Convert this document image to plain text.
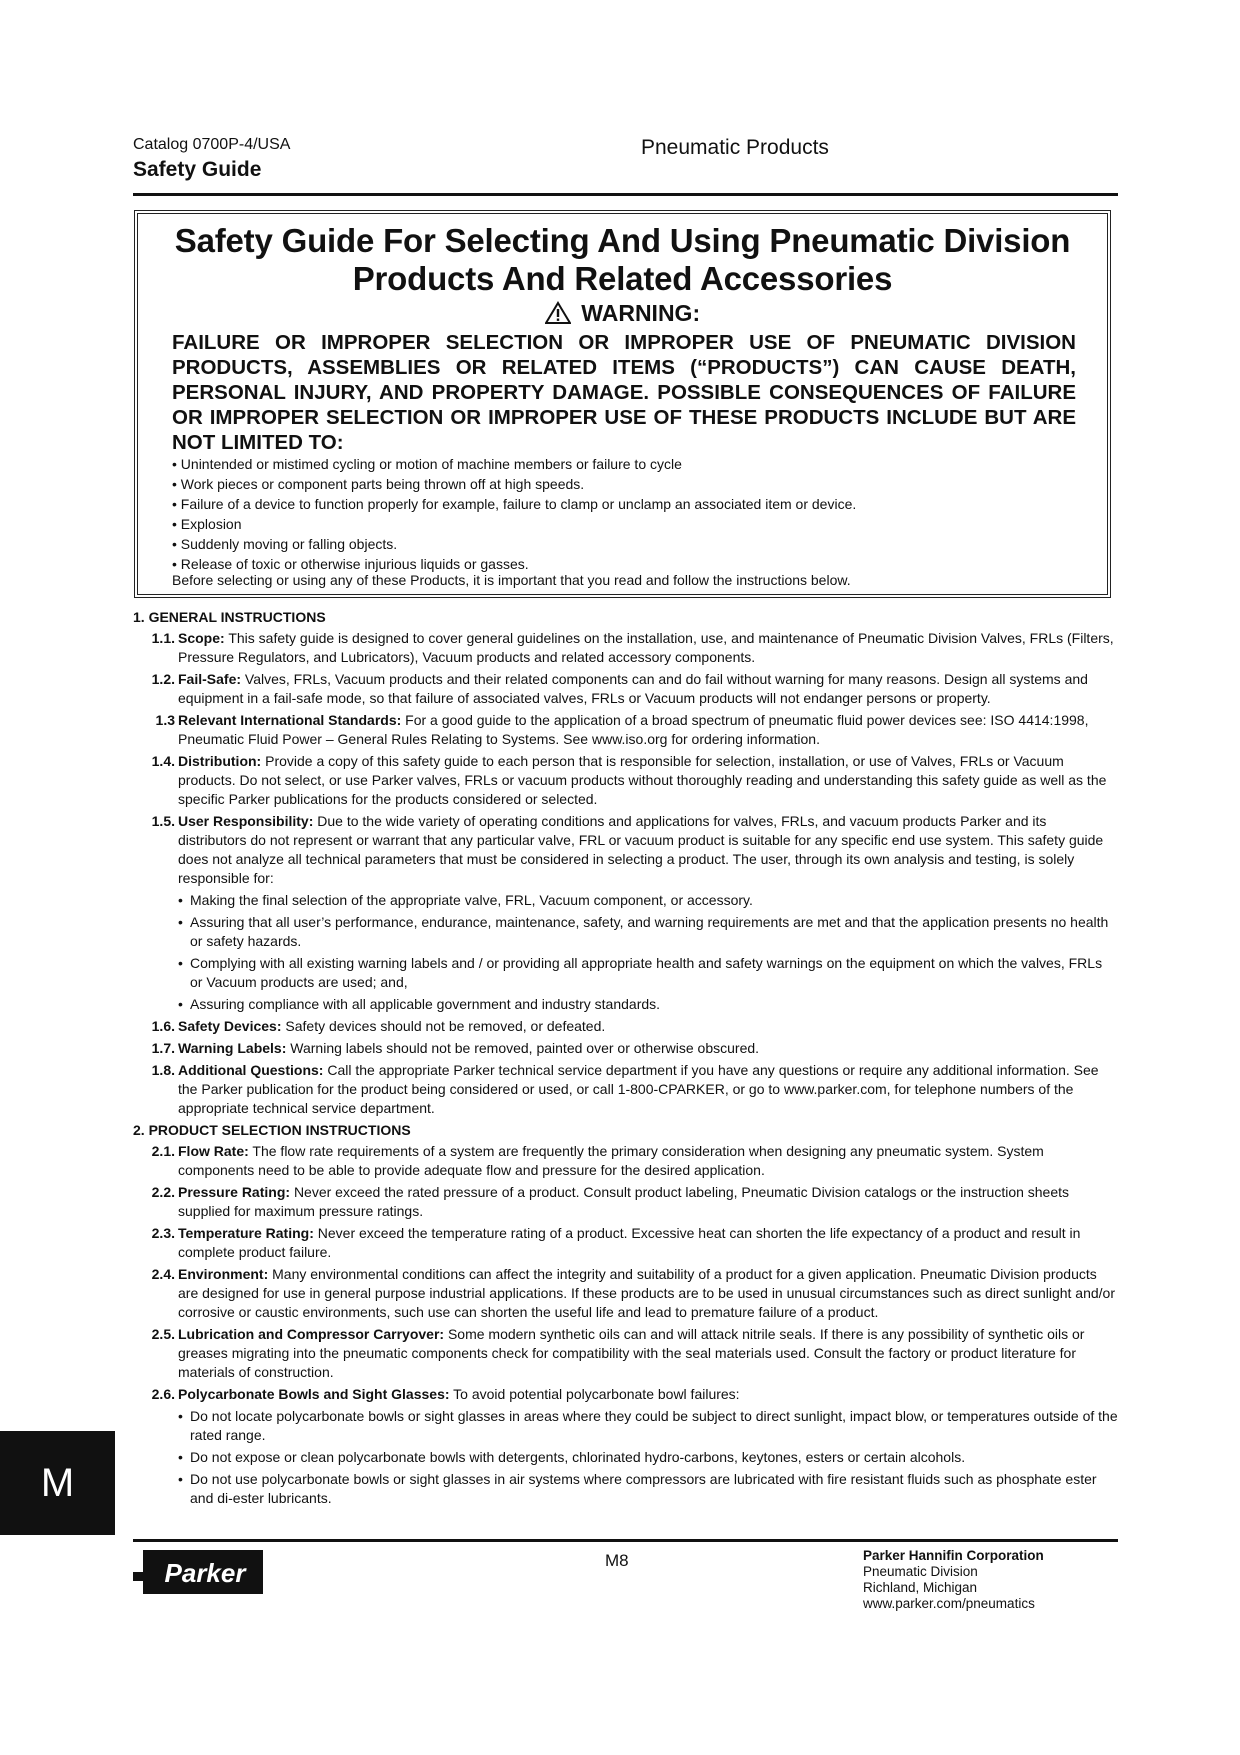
Catalog 0700P-4/USA
Safety Guide
Pneumatic Products
Safety Guide For Selecting And Using Pneumatic Division
Products And Related Accessories
WARNING:
FAILURE OR IMPROPER SELECTION OR IMPROPER USE OF PNEUMATIC DIVISION PRODUCTS, ASSEMBLIES OR RELATED ITEMS (“PRODUCTS”) CAN CAUSE DEATH, PERSONAL INJURY, AND PROPERTY DAMAGE. POSSIBLE CONSEQUENCES OF FAILURE OR IMPROPER SELECTION OR IMPROPER USE OF THESE PRODUCTS INCLUDE BUT ARE NOT LIMITED TO:
• Unintended or mistimed cycling or motion of machine members or failure to cycle
• Work pieces or component parts being thrown off at high speeds.
• Failure of a device to function properly for example, failure to clamp or unclamp an associated item or device.
• Explosion
• Suddenly moving or falling objects.
• Release of toxic or otherwise injurious liquids or gasses.
Before selecting or using any of these Products, it is important that you read and follow the instructions below.
1. GENERAL INSTRUCTIONS
1.1. Scope: This safety guide is designed to cover general guidelines on the installation, use, and maintenance of Pneumatic Division Valves, FRLs (Filters, Pressure Regulators, and Lubricators), Vacuum products and related accessory components.
1.2. Fail-Safe: Valves, FRLs, Vacuum products and their related components can and do fail without warning for many reasons. Design all systems and equipment in a fail-safe mode, so that failure of associated valves, FRLs or Vacuum products will not endanger persons or property.
1.3 Relevant International Standards: For a good guide to the application of a broad spectrum of pneumatic fluid power devices see: ISO 4414:1998, Pneumatic Fluid Power – General Rules Relating to Systems. See www.iso.org for ordering information.
1.4. Distribution: Provide a copy of this safety guide to each person that is responsible for selection, installation, or use of Valves, FRLs or Vacuum products. Do not select, or use Parker valves, FRLs or vacuum products without thoroughly reading and understanding this safety guide as well as the specific Parker publications for the products considered or selected.
1.5. User Responsibility: Due to the wide variety of operating conditions and applications for valves, FRLs, and vacuum products Parker and its distributors do not represent or warrant that any particular valve, FRL or vacuum product is suitable for any specific end use system. This safety guide does not analyze all technical parameters that must be considered in selecting a product. The user, through its own analysis and testing, is solely responsible for:
• Making the final selection of the appropriate valve, FRL, Vacuum component, or accessory.
• Assuring that all user’s performance, endurance, maintenance, safety, and warning requirements are met and that the application presents no health or safety hazards.
• Complying with all existing warning labels and / or providing all appropriate health and safety warnings on the equipment on which the valves, FRLs or Vacuum products are used; and,
• Assuring compliance with all applicable government and industry standards.
1.6. Safety Devices: Safety devices should not be removed, or defeated.
1.7. Warning Labels: Warning labels should not be removed, painted over or otherwise obscured.
1.8. Additional Questions: Call the appropriate Parker technical service department if you have any questions or require any additional information. See the Parker publication for the product being considered or used, or call 1-800-CPARKER, or go to www.parker.com, for telephone numbers of the appropriate technical service department.
2. PRODUCT SELECTION INSTRUCTIONS
2.1. Flow Rate: The flow rate requirements of a system are frequently the primary consideration when designing any pneumatic system. System components need to be able to provide adequate flow and pressure for the desired application.
2.2. Pressure Rating: Never exceed the rated pressure of a product. Consult product labeling, Pneumatic Division catalogs or the instruction sheets supplied for maximum pressure ratings.
2.3. Temperature Rating: Never exceed the temperature rating of a product. Excessive heat can shorten the life expectancy of a product and result in complete product failure.
2.4. Environment: Many environmental conditions can affect the integrity and suitability of a product for a given application. Pneumatic Division products are designed for use in general purpose industrial applications. If these products are to be used in unusual circumstances such as direct sunlight and/or corrosive or caustic environments, such use can shorten the useful life and lead to premature failure of a product.
2.5. Lubrication and Compressor Carryover: Some modern synthetic oils can and will attack nitrile seals. If there is any possibility of synthetic oils or greases migrating into the pneumatic components check for compatibility with the seal materials used. Consult the factory or product literature for materials of construction.
2.6. Polycarbonate Bowls and Sight Glasses: To avoid potential polycarbonate bowl failures:
• Do not locate polycarbonate bowls or sight glasses in areas where they could be subject to direct sunlight, impact blow, or temperatures outside of the rated range.
• Do not expose or clean polycarbonate bowls with detergents, chlorinated hydro-carbons, keytones, esters or certain alcohols.
• Do not use polycarbonate bowls or sight glasses in air systems where compressors are lubricated with fire resistant fluids such as phosphate ester and di-ester lubricants.
M
Parker	M8	Parker Hannifin Corporation
Pneumatic Division
Richland, Michigan
www.parker.com/pneumatics
